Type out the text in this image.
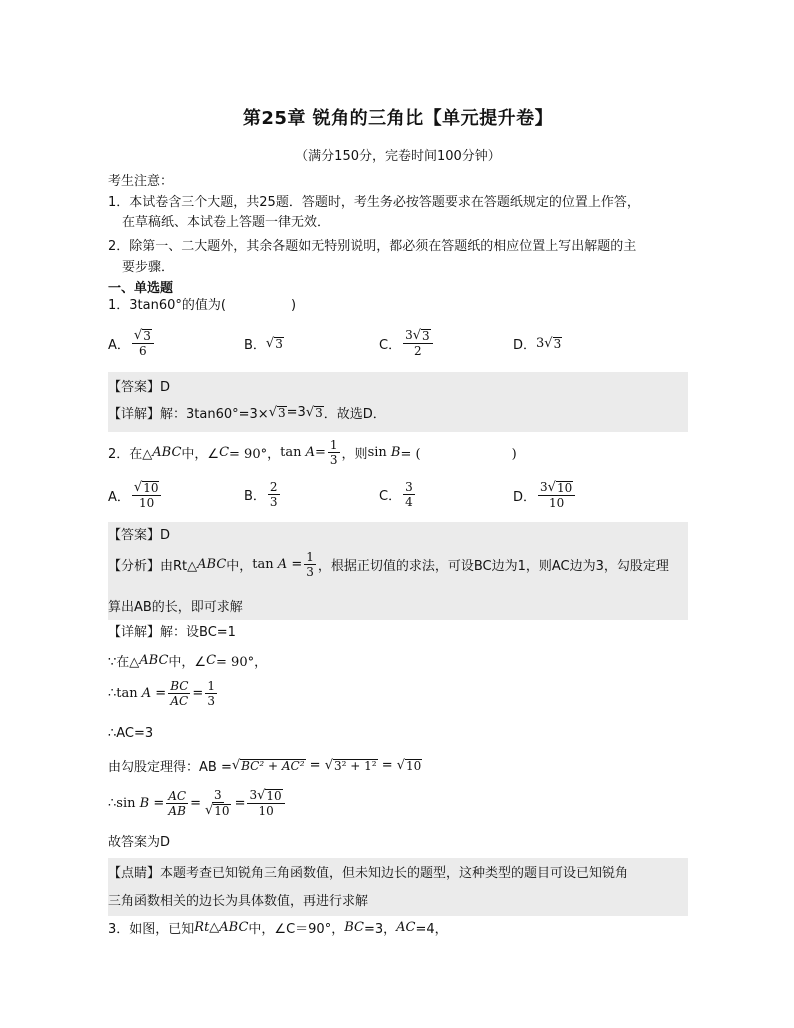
第25章 锐角的三角比【单元提升卷】
（满分150分，完卷时间100分钟）
考生注意：
1．本试卷含三个大题，共25题．答题时，考生务必按答题要求在答题纸规定的位置上作答，
在草稿纸、本试卷上答题一律无效．
2．除第一、二大题外，其余各题如无特别说明，都必须在答题纸的相应位置上写出解题的主
要步骤．
一、单选题
1．3tan60°的值为(　　　　　)
A． $\frac{√ 3}{6}$	B． √ 3	C． $\frac{3 √ 3}{2}$	D． 3 √ 3
【答案】D
【详解】 解：3tan60°=3× √ 3 =3 √ 3 ．故选D．
2．在△ ABC 中，∠ C = 90°， tan
$A = \frac{1}{3}$ ，则 sin
B = (　　　　　　　)
A． $\frac{√ 10}{10}$	B． $\frac{2}{3}$	C． $\frac{3}{4}$	D． $\frac{3 √ 10}{10}$
【答案】D
【分析】由Rt△ ABC 中， tan
$A = \frac{1}{3}$ ，根据正切值的求法，可设BC边为1，则AC边为3，勾股定理
算出AB的长，即可求解
【详解】解：设BC=1
∵在△ ABC 中，∠ C = 90°，
∴tan
$A = \frac{BC}{AC} = \frac{1}{3}$
∴AC=3
由勾股定理得：AB = √ BC² + AC² = √ 3² + 1² = √ 10
∴sin
$B = \frac{AC}{AB} = \frac{3}{√ 10} = \frac{3 √ 10}{10}$
故答案为D
【点睛】本题考查已知锐角三角函数值，但未知边长的题型，这种类型的题目可设已知锐角
三角函数相关的边长为具体数值，再进行求解
3．如图，已知 Rt△ABC 中，∠C＝90°， BC =3， AC =4，
